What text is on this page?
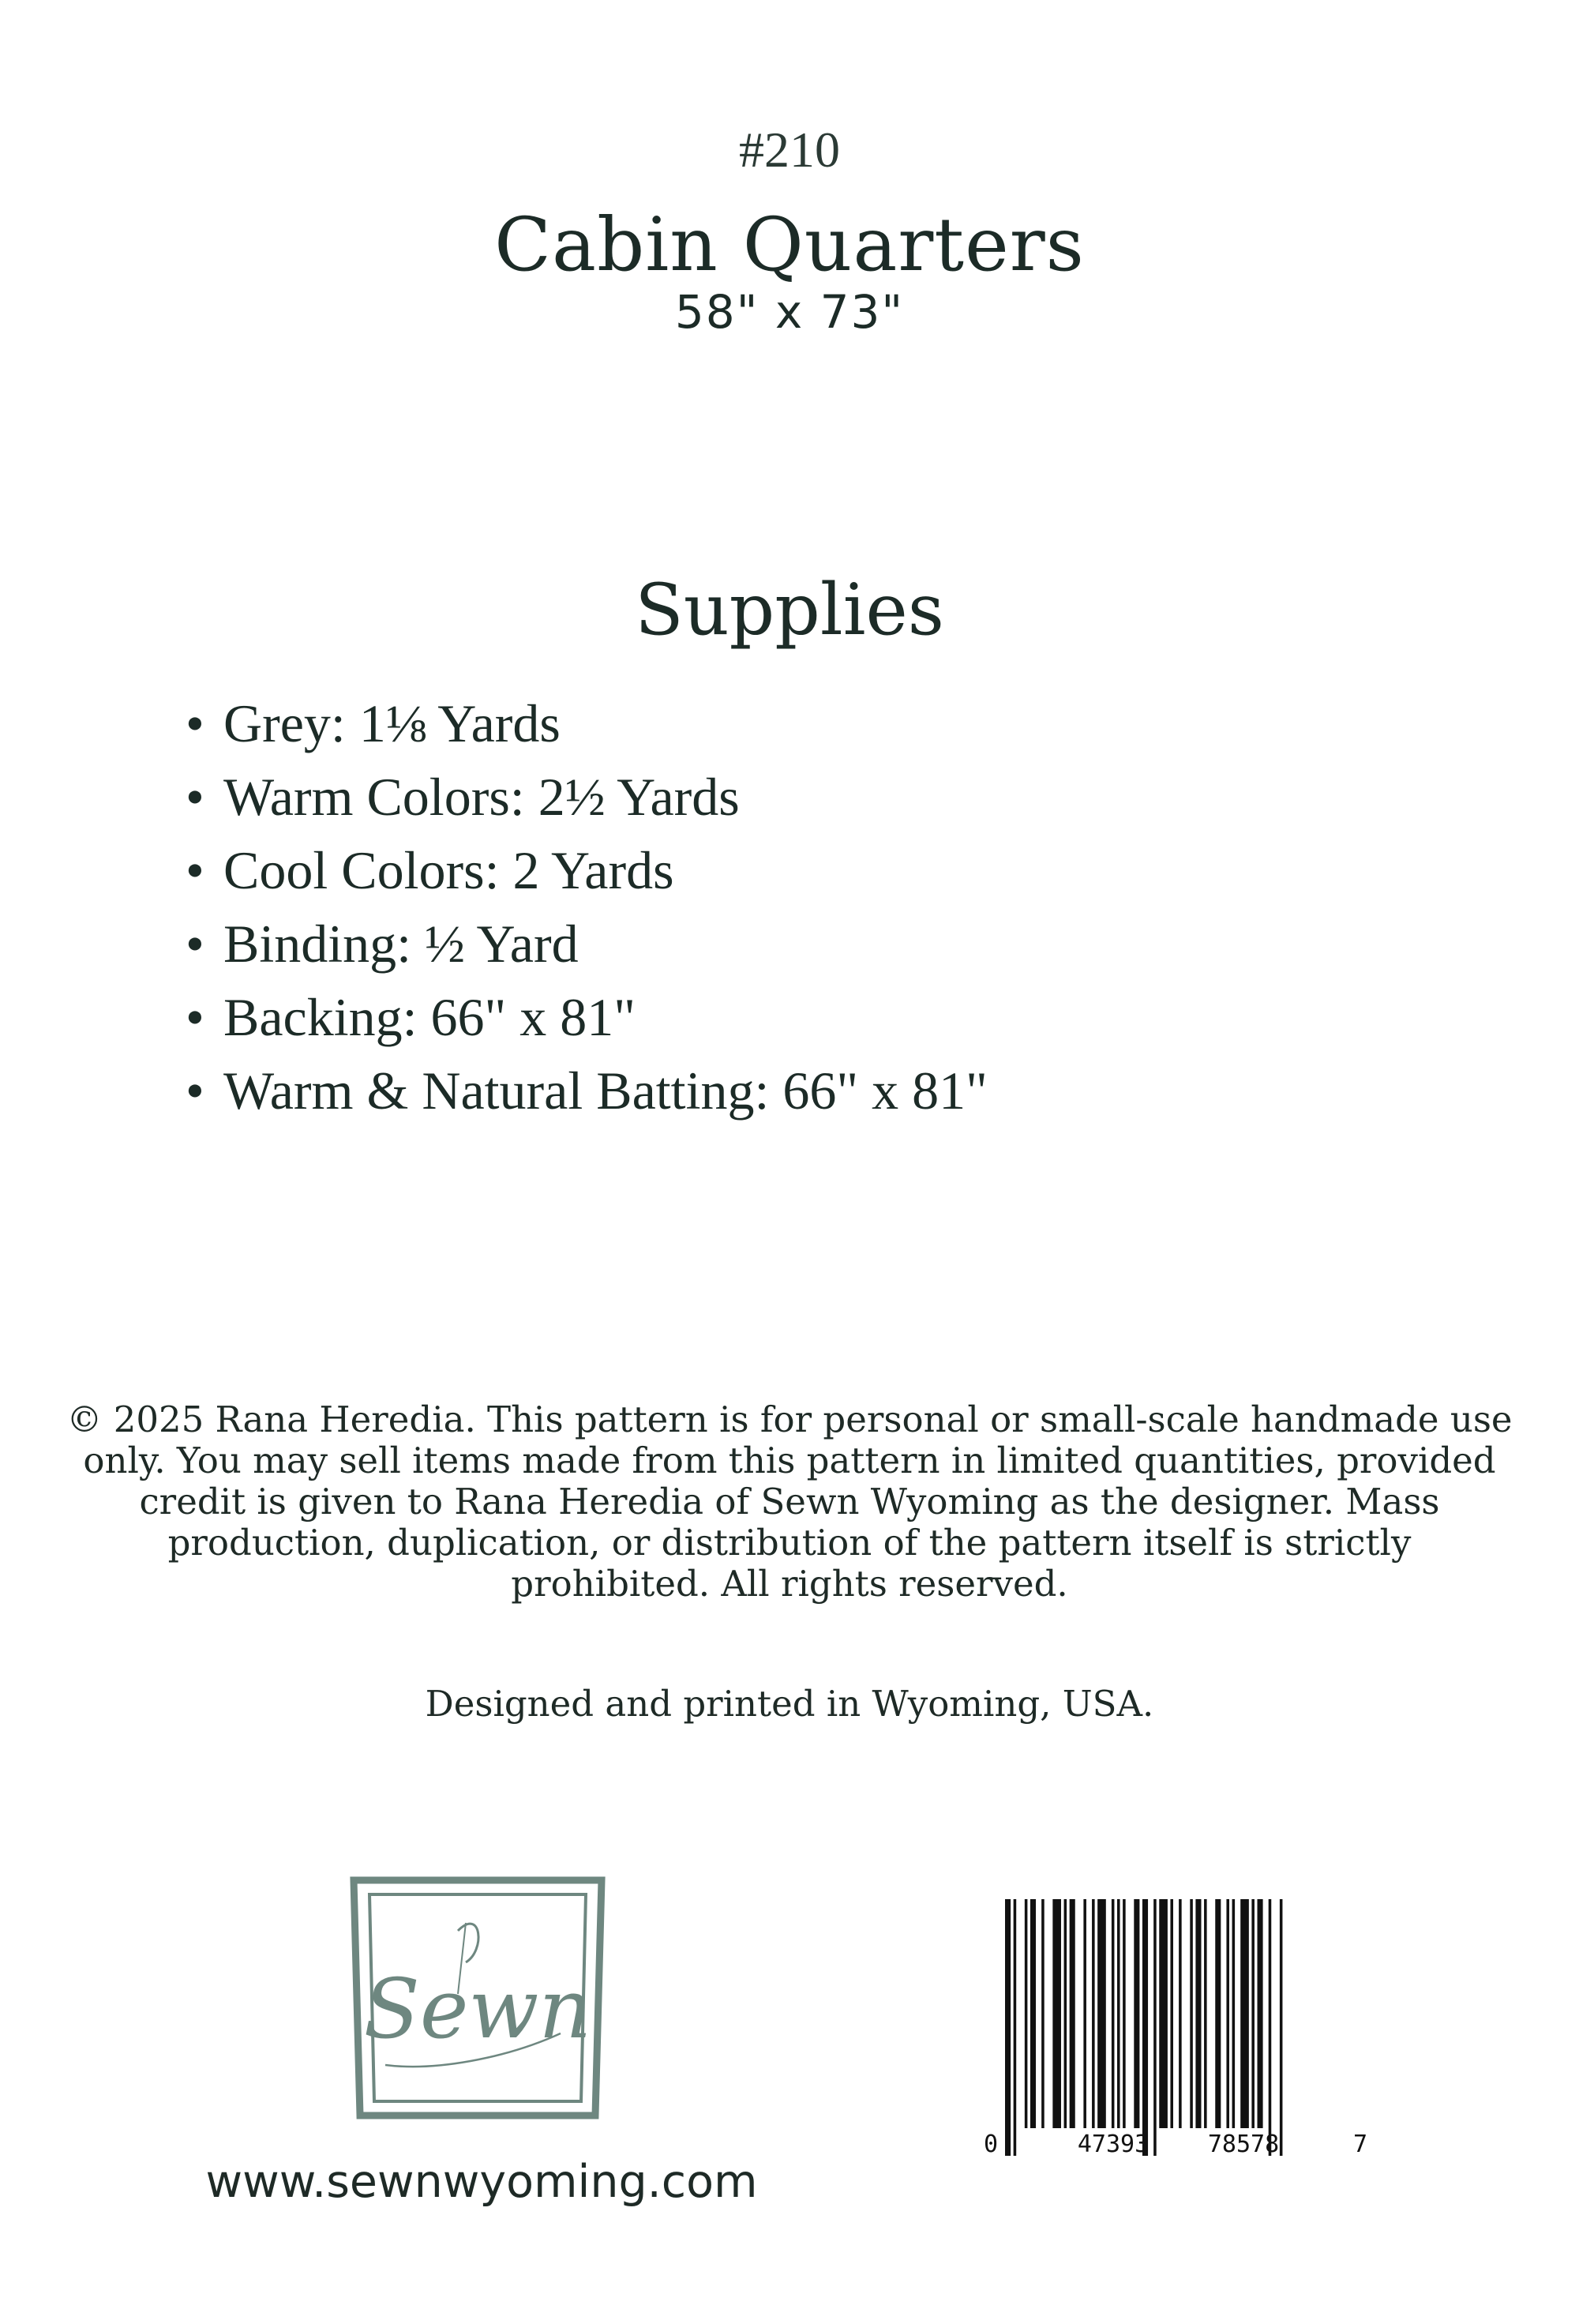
#210
Cabin Quarters
58" x 73"
Supplies
• Grey: 1⅛ Yards
• Warm Colors: 2½ Yards
• Cool Colors: 2 Yards
• Binding: ½ Yard
• Backing: 66" x 81"
• Warm & Natural Batting: 66" x 81"
© 2025 Rana Heredia. This pattern is for personal or small-scale handmade use only. You may sell items made from this pattern in limited quantities, provided credit is given to Rana Heredia of Sewn Wyoming as the designer. Mass production, duplication, or distribution of the pattern itself is strictly prohibited. All rights reserved.
Designed and printed in Wyoming, USA.
Sewn
www.sewnwyoming.com
0	47393 78578	7
